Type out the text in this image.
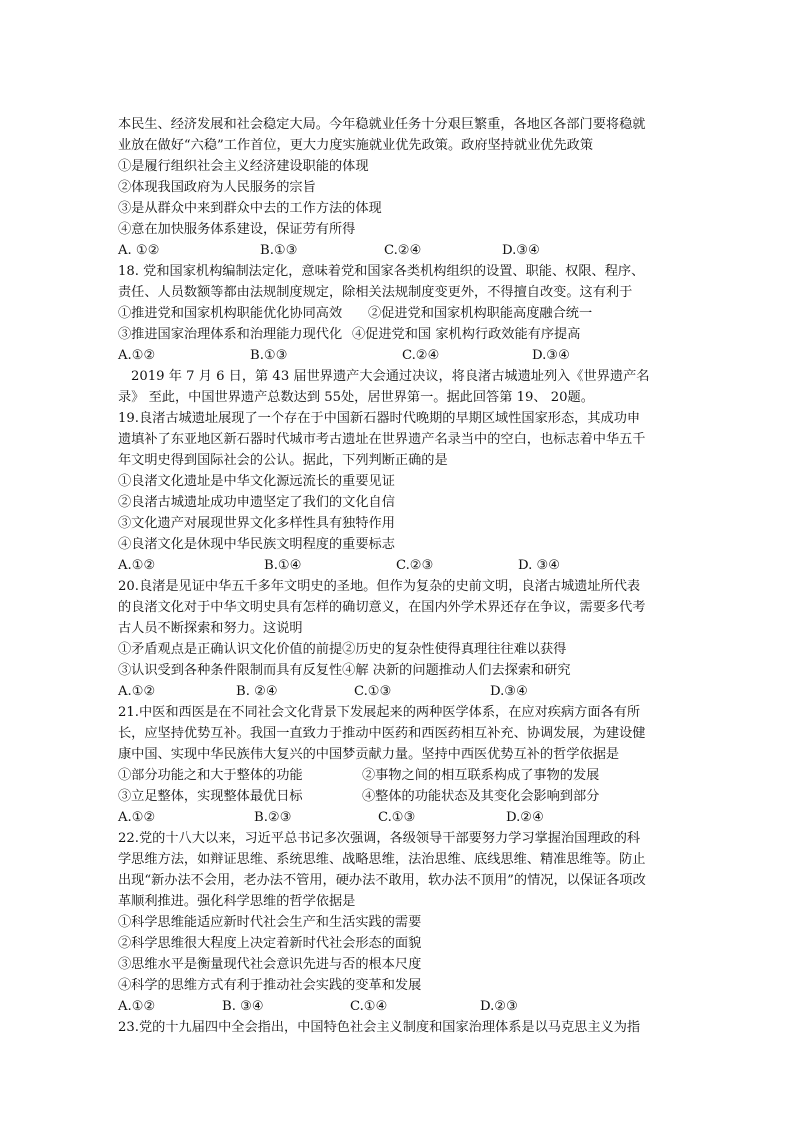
本民生、经济发展和社会稳定大局。今年稳就业任务十分艰巨繁重，各地区各部门要将稳就
业放在做好“六稳”工作首位，更大力度实施就业优先政策。政府坚持就业优先政策
①是履行组织社会主义经济建设职能的体现
②体现我国政府为人民服务的宗旨
③是从群众中来到群众中去的工作方法的体现
④意在加快服务体系建设，保证劳有所得
A. ①②	B.①③	C.②④	D.③④
18. 党和国家机构编制法定化，意味着党和国家各类机构组织的设置、职能、权限、程序、
责任、人员数额等都由法规制度规定，除相关法规制度变更外，不得擅自改变。这有利于
①推进党和国家机构职能优化协同高效 ②促进党和国家机构职能高度融合统一
③推进国家治理体系和治理能力现代化 ④促进党和国 家机构行政效能有序提高
A.①②	B.①③	C.②④	D.③④
2019 年 7 月 6 日，第 43 届世界遗产大会通过决议，将良渚古城遗址列入《世界遗产名
录》 至此，中国世界遗产总数达到 55处，居世界第一。据此回答第 19、 20题。
19.良渚古城遗址展现了一个存在于中国新石器时代晚期的早期区域性国家形态，其成功申
遗填补了东亚地区新石器时代城市考古遗址在世界遗产名录当中的空白，也标志着中华五千
年文明史得到国际社会的公认。据此，下列判断正确的是
①良渚文化遗址是中华文化源远流长的重要见证
②良渚古城遗址成功申遗坚定了我们的文化自信
③文化遗产对展现世界文化多样性具有独特作用
④良渚文化是休现中华民族文明程度的重要标志
A.①②	B.①④	C.②③	D. ③④
20.良渚是见证中华五千多年文明史的圣地。但作为复杂的史前文明，良渚古城遗址所代表
的良渚文化对于中华文明史具有怎样的确切意义，在国内外学术界还存在争议，需要多代考
古人员不断探索和努力。这说明
①矛盾观点是正确认识文化价值的前提②历史的复杂性使得真理往往难以获得
③认识受到各种条件限制而具有反复性④解 决新的问题推动人们去探索和研究
A.①②	B. ②④	C.①③	D.③④
21.中医和西医是在不同社会文化背景下发展起来的两种医学体系，在应对疾病方面各有所
长，应坚持优势互补。我国一直致力于推动中医药和西医药相互补充、协调发展，为建设健
康中国、实现中华民族伟大复兴的中国梦贡献力量。坚持中西医优势互补的哲学依据是
①部分功能之和大于整体的功能	②事物之间的相互联系构成了事物的发展
③立足整体，实现整体最优日标	④整体的功能状态及其变化会影响到部分
A.①②	B.②③	C.①③	D.②④
22.党的十八大以来，习近平总书记多次强调，各级领导干部要努力学习掌握治国理政的科
学思维方法，如辩证思维、系统思维、战略思维，法治思维、底线思维、精准思维等。防止
出现“新办法不会用，老办法不管用，硬办法不敢用，软办法不顶用”的情况，以保证各项改
革顺利推进。强化科学思维的哲学依据是
①科学思维能适应新时代社会生产和生活实践的需要
②科学思维很大程度上决定着新时代社会形态的面貌
③思维水平是衡量现代社会意识先进与否的根本尺度
④科学的思维方式有利于推动社会实践的变革和发展
A.①②	B. ③④	C.①④	D.②③
23.党的十九届四中全会指出，中国特色社会主义制度和国家治理体系是以马克思主义为指
